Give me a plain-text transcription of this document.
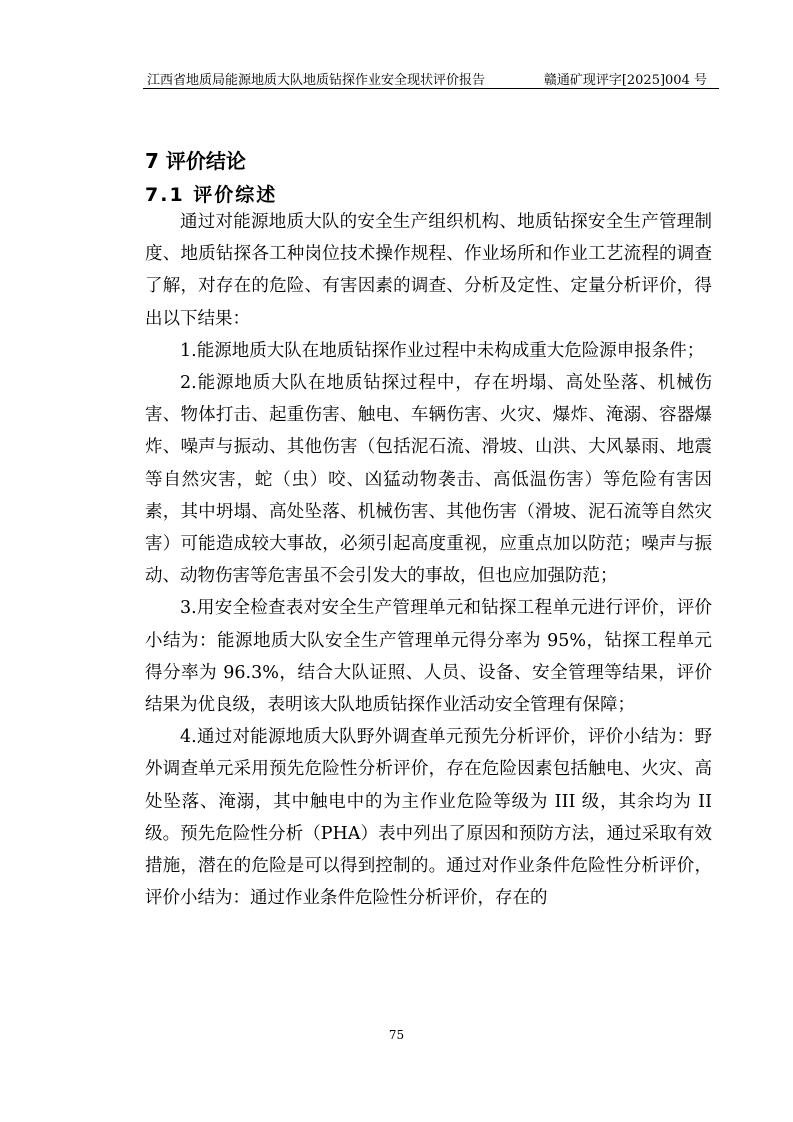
江西省地质局能源地质大队地质钻探作业安全现状评价报告	赣通矿现评字[2025]004 号
7 评价结论
7.1 评价综述

通过对能源地质大队的安全生产组织机构、地质钻探安全生产管理制度、地质钻探各工种岗位技术操作规程、作业场所和作业工艺流程的调查了解，对存在的危险、有害因素的调查、分析及定性、定量分析评价，得出以下结果：

1.能源地质大队在地质钻探作业过程中未构成重大危险源申报条件；

2.能源地质大队在地质钻探过程中，存在坍塌、高处坠落、机械伤害、物体打击、起重伤害、触电、车辆伤害、火灾、爆炸、淹溺、容器爆炸、噪声与振动、其他伤害（包括泥石流、滑坡、山洪、大风暴雨、地震等自然灾害，蛇（虫）咬、凶猛动物袭击、高低温伤害）等危险有害因素，其中坍塌、高处坠落、机械伤害、其他伤害（滑坡、泥石流等自然灾害）可能造成较大事故，必须引起高度重视，应重点加以防范；噪声与振动、动物伤害等危害虽不会引发大的事故，但也应加强防范；

3.用安全检查表对安全生产管理单元和钻探工程单元进行评价，评价小结为：能源地质大队安全生产管理单元得分率为 95%，钻探工程单元得分率为 96.3%，结合大队证照、人员、设备、安全管理等结果，评价结果为优良级，表明该大队地质钻探作业活动安全管理有保障；

4.通过对能源地质大队野外调查单元预先分析评价，评价小结为：野外调查单元采用预先危险性分析评价，存在危险因素包括触电、火灾、高处坠落、淹溺，其中触电中的为主作业危险等级为 III 级，其余均为 II 级。预先危险性分析（PHA）表中列出了原因和预防方法，通过采取有效措施，潜在的危险是可以得到控制的。通过对作业条件危险性分析评价，评价小结为：通过作业条件危险性分析评价，存在的

75
